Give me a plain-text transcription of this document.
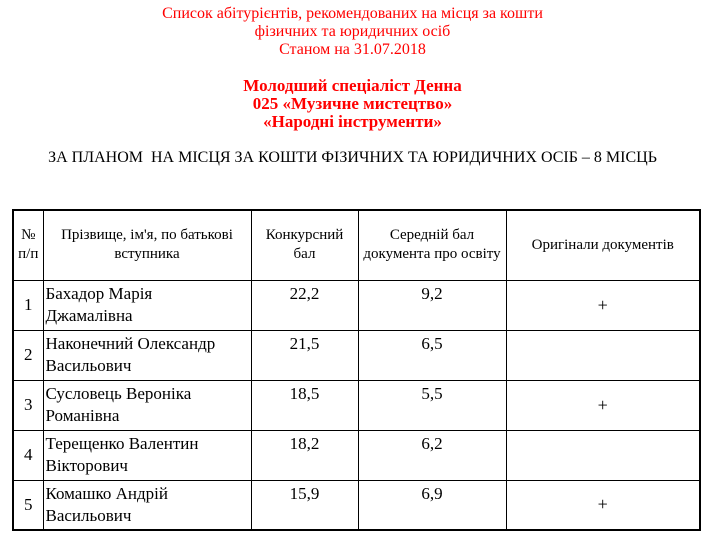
Список абітурієнтів, рекомендованих на місця за кошти
фізичних та юридичних осіб
Станом на 31.07.2018
Молодший спеціаліст Денна
025 «Музичне мистецтво»
«Народні інструменти»
ЗА ПЛАНОМ  НА МІСЦЯ ЗА КОШТИ ФІЗИЧНИХ ТА ЮРИДИЧНИХ ОСІБ – 8 МІСЦЬ
№ п/п	Прізвище, ім'я, по батькові вступника	Конкурсний бал	Середній бал документа про освіту	Оригінали документів
1	Бахадор Марія Джамалівна	22,2	9,2	+
2	Наконечний Олександр Васильович	21,5	6,5	
3	Сусловець Вероніка Романівна	18,5	5,5	+
4	Терещенко Валентин Вікторович	18,2	6,2	
5	Комашко Андрій Васильович	15,9	6,9	+
